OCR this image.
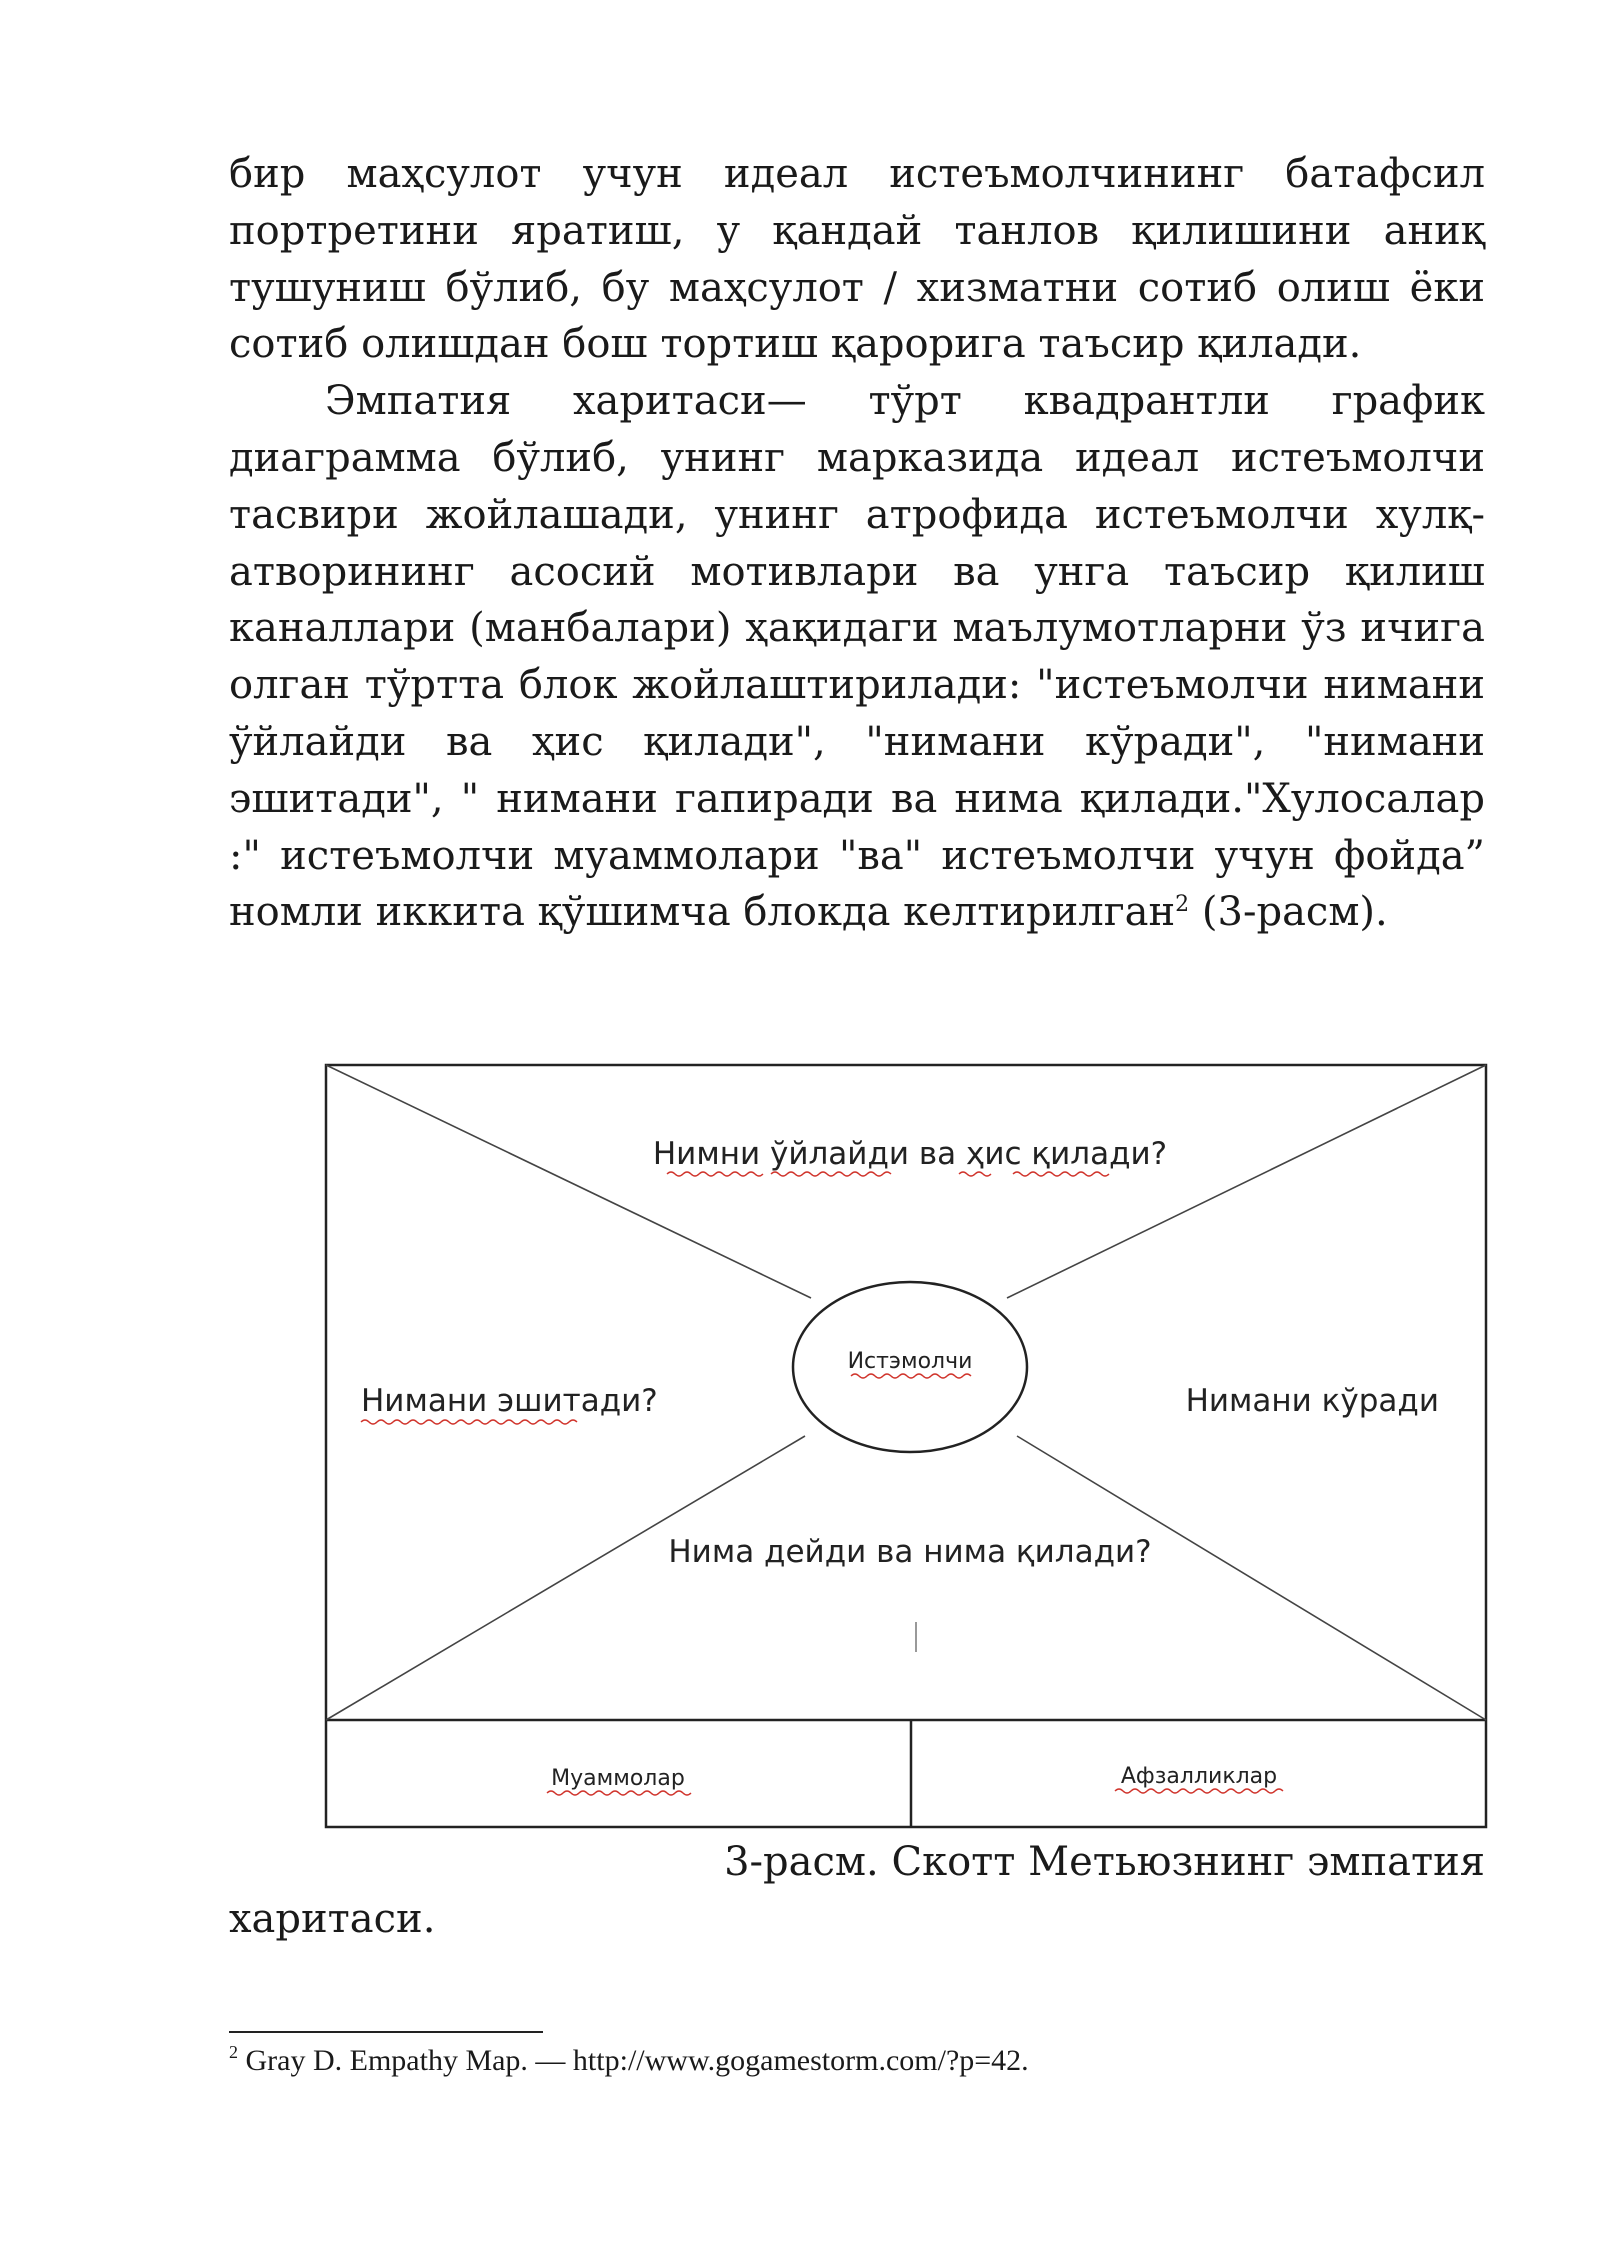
бир маҳсулот учун идеал истеъмолчининг батафсил портретини яратиш, у қандай танлов қилишини аниқ тушуниш бўлиб, бу маҳсулот / хизматни сотиб олиш ёки сотиб олишдан бош тортиш қарорига таъсир қилади.

Эмпатия харитаси— тўрт квадрантли график диаграмма бўлиб, унинг марказида идеал истеъмолчи тасвири жойлашади, унинг атрофида истеъмолчи хулқ-атворининг асосий мотивлари ва унга таъсир қилиш каналлари (манбалари) ҳақидаги маълумотларни ўз ичига олган тўртта блок жойлаштирилади: "истеъмолчи нимани ўйлайди ва ҳис қилади", "нимани кўради", "нимани эшитади", " нимани гапиради ва нима қилади."Хулосалар :" истеъмолчи муаммолари "ва" истеъмолчи учун фойда” номли иккита қўшимча блокда келтирилган$^2$ (3-расм).

Нимни ўйлайди ва ҳис қилади?
Нимани эшитади?	Нимани кўради
Нима дейди ва нима қилади?
Истэмолчи
Муаммолар	Афзалликлар
3-расм. Скотт Метьюзнинг эмпатия
харитаси.
$^2$ Gray D. Empathy Map. — http://www.gogamestorm.com/?p=42.
